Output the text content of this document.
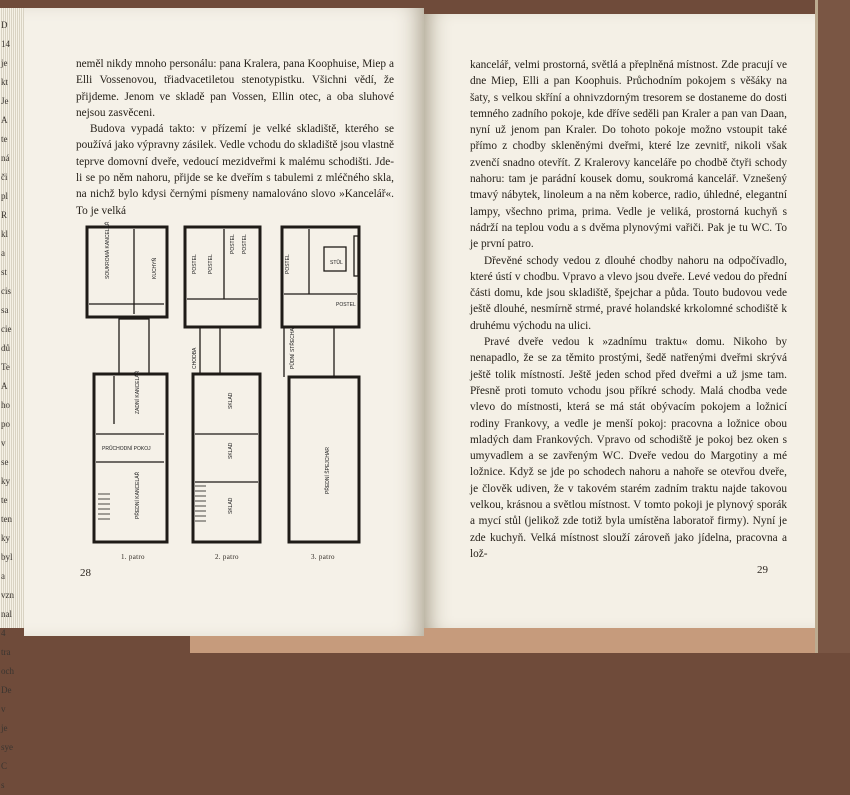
D
14
je
kt
Je
A
te
ná
či
pl
R
kl
a
st
cis
sa
cie
dů
Te
A
ho
po
v
se
ky
te
ten
ky
byl
a
vzn
nal
4
tra
och
De
v
je
sye
C
s

neměl nikdy mnoho personálu: pana Kralera, pana Koophuise, Miep a Elli Vossenovou, třiadvacetiletou stenotypistku. Všichni vědí, že přijdeme. Jenom ve skladě pan Vossen, Ellin otec, a oba sluhové nejsou zasvěceni.

Budova vypadá takto: v přízemí je velké skladiště, kterého se používá jako výpravny zásilek. Vedle vchodu do skladiště jsou vlastně teprve domovní dveře, vedoucí mezidveřmi k malému schodišti. Jde-li se po něm nahoru, přijde se ke dveřím s tabulemi z mléčného skla, na nichž bylo kdysi černými písmeny namalováno slovo »Kancelář«. To je velká

SOUKROMÁ KANCELÁŘ	KUCHYŇ
ZADNÍ KANCELÁŘ
PRŮCHODNÍ POKOJ
PŘEDNÍ KANCELÁŘ
POSTEL POSTEL
POSTEL POSTEL
CHODBA
SKLAD
SKLAD
SKLAD
STŮL
POSTEL
POSTEL
PŮDNÍ STŘECHA
PŘEDNÍ ŠPEJCHAR
1. patro	2. patro	3. patro
28

kancelář, velmi prostorná, světlá a přeplněná místnost. Zde pracují ve dne Miep, Elli a pan Koophuis. Průchodním pokojem s věšáky na šaty, s velkou skříní a ohnivzdorným tresorem se dostaneme do dosti temného zadního pokoje, kde dříve seděli pan Kraler a pan van Daan, nyní už jenom pan Kraler. Do tohoto pokoje možno vstoupit také přímo z chodby skleněnými dveřmi, které lze zevnitř, nikoli však zvenčí snadno otevřít. Z Kralerovy kanceláře po chodbě čtyři schody nahoru: tam je parádní kousek domu, soukromá kancelář. Vznešený tmavý nábytek, linoleum a na něm koberce, radio, úhledné, elegantní lampy, všechno prima, prima. Vedle je veliká, prostorná kuchyň s nádrží na teplou vodu a s dvěma plynovými vařiči. Pak je tu WC. To je první patro.

Dřevěné schody vedou z dlouhé chodby nahoru na odpočívadlo, které ústí v chodbu. Vpravo a vlevo jsou dveře. Levé vedou do přední části domu, kde jsou skladiště, špejchar a půda. Touto budovou vede ještě dlouhé, nesmírně strmé, pravé holandské krkolomné schodiště k druhému východu na ulici.

Pravé dveře vedou k »zadnímu traktu« domu. Nikoho by nenapadlo, že se za těmito prostými, šedě natřenými dveřmi skrývá ještě tolik místností. Ještě jeden schod před dveřmi a už jsme tam. Přesně proti tomuto vchodu jsou příkré schody. Malá chodba vede vlevo do místnosti, která se má stát obývacím pokojem a ložnicí rodiny Frankovy, a vedle je menší pokoj: pracovna a ložnice obou mladých dam Frankových. Vpravo od schodiště je pokoj bez oken s umyvadlem a se zavřeným WC. Dveře vedou do Margotiny a mé ložnice. Když se jde po schodech nahoru a nahoře se otevřou dveře, je člověk udiven, že v takovém starém zadním traktu najde takovou velkou, krásnou a světlou místnost. V tomto pokoji je plynový sporák a mycí stůl (jelikož zde totiž byla umístěna laboratoř firmy). Nyní je zde kuchyň. Velká místnost slouží zároveň jako jídelna, pracovna a lož-

29
